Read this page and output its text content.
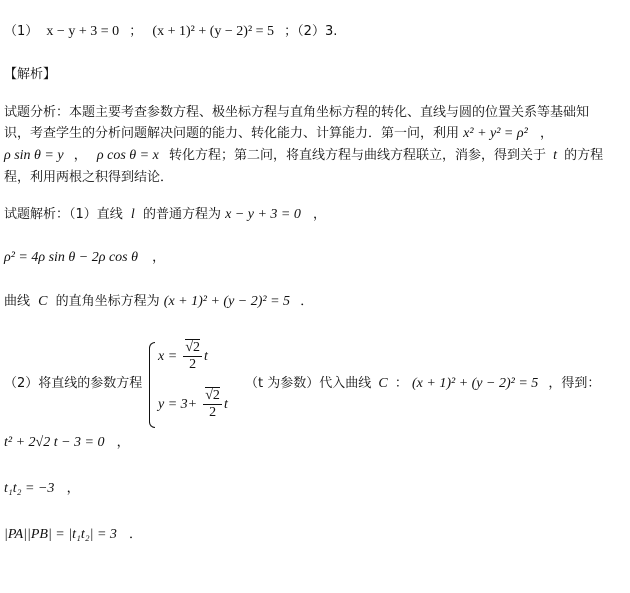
（1） x − y + 3 = 0 ； (x + 1)² + (y − 2)² = 5 ；（2）3.
【解析】
试题分析：本题主要考查参数方程、极坐标方程与直角坐标方程的转化、直线与圆的位置关系等基础知
识，考查学生的分析问题解决问题的能力、转化能力、计算能力．第一问，利用 x² + y² = ρ² ，
ρ sin θ = y ， ρ cos θ = x 转化方程；第二问，将直线方程与曲线方程联立，消参，得到关于 t 的方程
程，利用两根之积得到结论．
试题解析：（1）直线 l 的普通方程为 x − y + 3 = 0 ，
ρ² = 4ρ sin θ − 2ρ cos θ ，
曲线 C 的直角坐标方程为 (x + 1)² + (y − 2)² = 5 ．
（2）将直线的参数方程
$x = \frac{√2}{2}$ t
$y = 3+ \frac{√2}{2}$ t
（t 为参数）代入曲线 C ： (x + 1)² + (y − 2)² = 5 ，得到：
t² + 2√2 t − 3 = 0 ，
t₁t₂ = −3 ，
|PA||PB| = |t₁t₂| = 3 ．
